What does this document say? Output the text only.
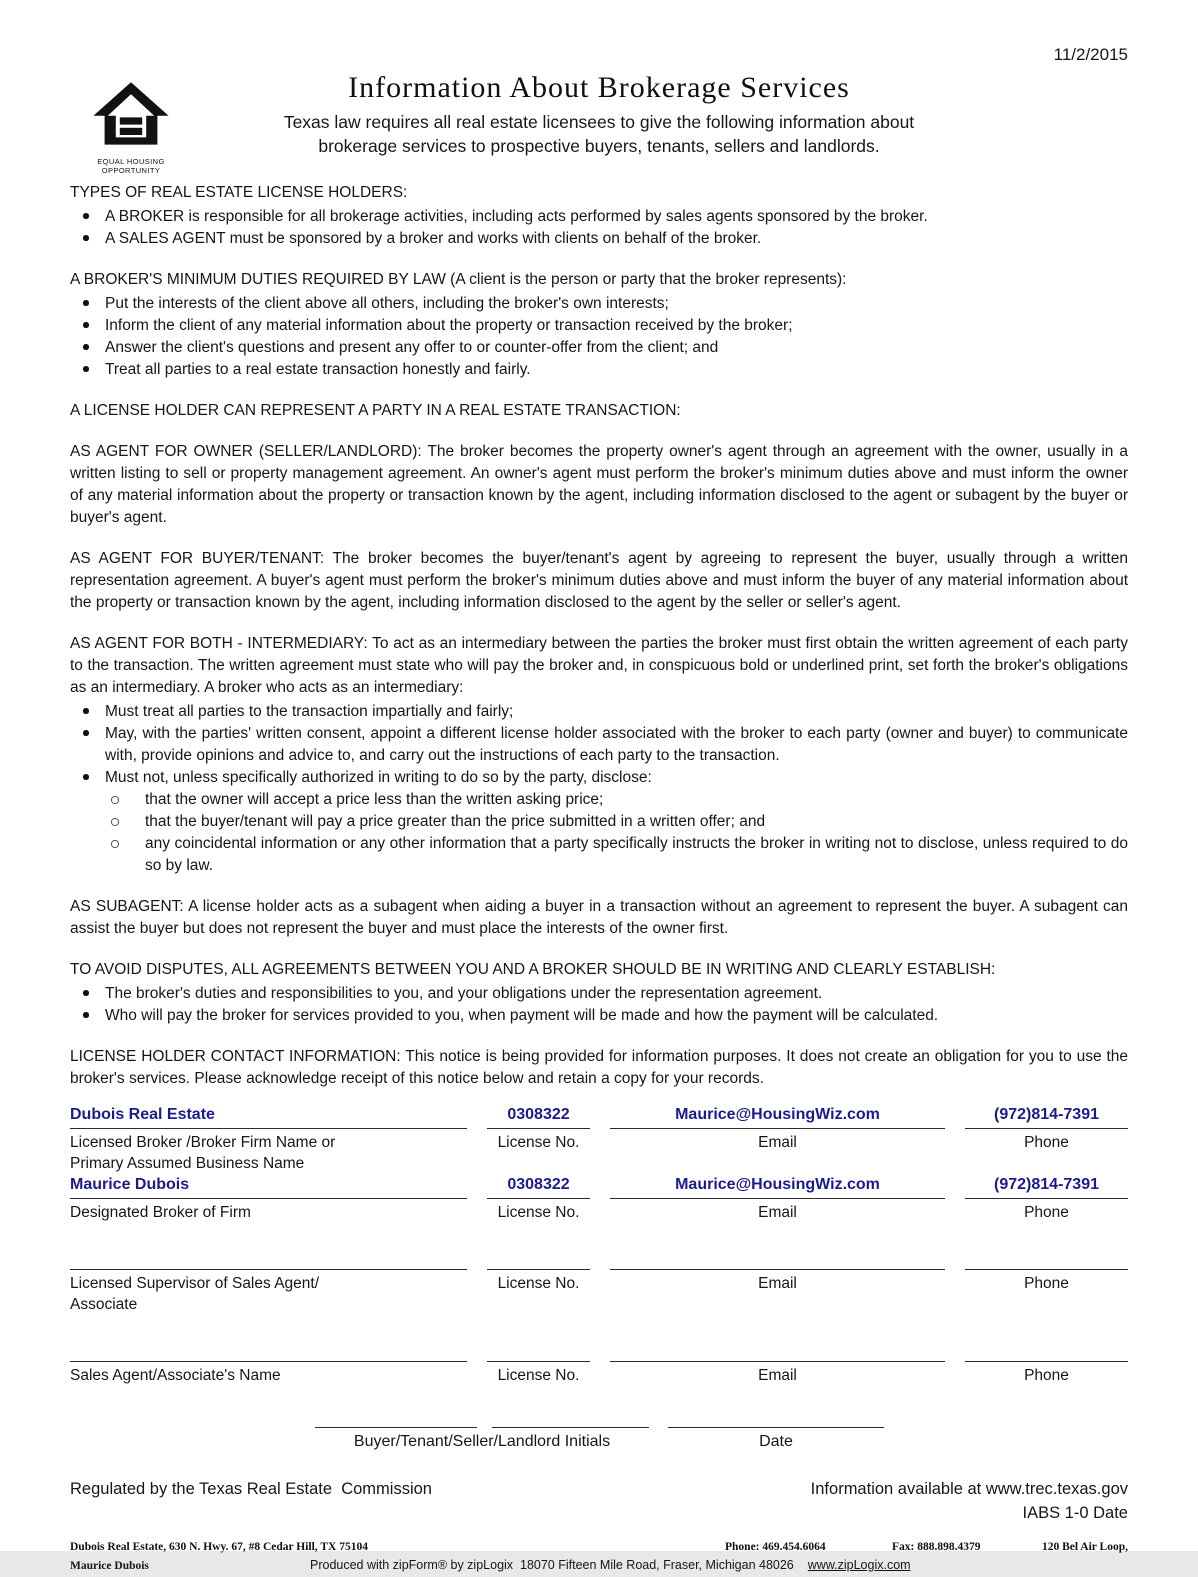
11/2/2015
EQUAL HOUSING
OPPORTUNITY
Information About Brokerage Services
Texas law requires all real estate licensees to give the following information about
brokerage services to prospective buyers, tenants, sellers and landlords.
TYPES OF REAL ESTATE LICENSE HOLDERS:
A BROKER is responsible for all brokerage activities, including acts performed by sales agents sponsored by the broker.
A SALES AGENT must be sponsored by a broker and works with clients on behalf of the broker.
A BROKER'S MINIMUM DUTIES REQUIRED BY LAW (A client is the person or party that the broker represents):
Put the interests of the client above all others, including the broker's own interests;
Inform the client of any material information about the property or transaction received by the broker;
Answer the client's questions and present any offer to or counter-offer from the client; and
Treat all parties to a real estate transaction honestly and fairly.
A LICENSE HOLDER CAN REPRESENT A PARTY IN A REAL ESTATE TRANSACTION:
AS AGENT FOR OWNER (SELLER/LANDLORD): The broker becomes the property owner's agent through an agreement with the owner, usually in a written listing to sell or property management agreement. An owner's agent must perform the broker's minimum duties above and must inform the owner of any material information about the property or transaction known by the agent, including information disclosed to the agent or subagent by the buyer or buyer's agent.
AS AGENT FOR BUYER/TENANT: The broker becomes the buyer/tenant's agent by agreeing to represent the buyer, usually through a written representation agreement. A buyer's agent must perform the broker's minimum duties above and must inform the buyer of any material information about the property or transaction known by the agent, including information disclosed to the agent by the seller or seller's agent.
AS AGENT FOR BOTH - INTERMEDIARY: To act as an intermediary between the parties the broker must first obtain the written agreement of each party to the transaction. The written agreement must state who will pay the broker and, in conspicuous bold or underlined print, set forth the broker's obligations as an intermediary. A broker who acts as an intermediary:
Must treat all parties to the transaction impartially and fairly;
May, with the parties' written consent, appoint a different license holder associated with the broker to each party (owner and buyer) to communicate with, provide opinions and advice to, and carry out the instructions of each party to the transaction.
Must not, unless specifically authorized in writing to do so by the party, disclose:
that the owner will accept a price less than the written asking price;
that the buyer/tenant will pay a price greater than the price submitted in a written offer; and
any coincidental information or any other information that a party specifically instructs the broker in writing not to disclose, unless required to do so by law.
AS SUBAGENT: A license holder acts as a subagent when aiding a buyer in a transaction without an agreement to represent the buyer. A subagent can assist the buyer but does not represent the buyer and must place the interests of the owner first.
TO AVOID DISPUTES, ALL AGREEMENTS BETWEEN YOU AND A BROKER SHOULD BE IN WRITING AND CLEARLY ESTABLISH:
The broker's duties and responsibilities to you, and your obligations under the representation agreement.
Who will pay the broker for services provided to you, when payment will be made and how the payment will be calculated.
LICENSE HOLDER CONTACT INFORMATION: This notice is being provided for information purposes. It does not create an obligation for you to use the broker's services. Please acknowledge receipt of this notice below and retain a copy for your records.
Dubois Real Estate	0308322	Maurice@HousingWiz.com	(972)814-7391
Licensed Broker /Broker Firm Name or
Primary Assumed Business Name
License No.	Email	Phone
Maurice Dubois	0308322	Maurice@HousingWiz.com	(972)814-7391
Designated Broker of Firm	License No.	Email	Phone
Licensed Supervisor of Sales Agent/
Associate
License No.	Email	Phone
Sales Agent/Associate's Name	License No.	Email	Phone
Buyer/Tenant/Seller/Landlord Initials	Date
Regulated by the Texas Real Estate  Commission	Information available at www.trec.texas.gov
IABS 1-0 Date
Dubois Real Estate, 630 N. Hwy. 67, #8 Cedar Hill, TX 75104	Phone: 469.454.6064	Fax: 888.898.4379	120 Bel Air Loop,
Maurice Dubois	Produced with zipForm® by zipLogix  18070 Fifteen Mile Road, Fraser, Michigan 48026 www.zipLogix.com
